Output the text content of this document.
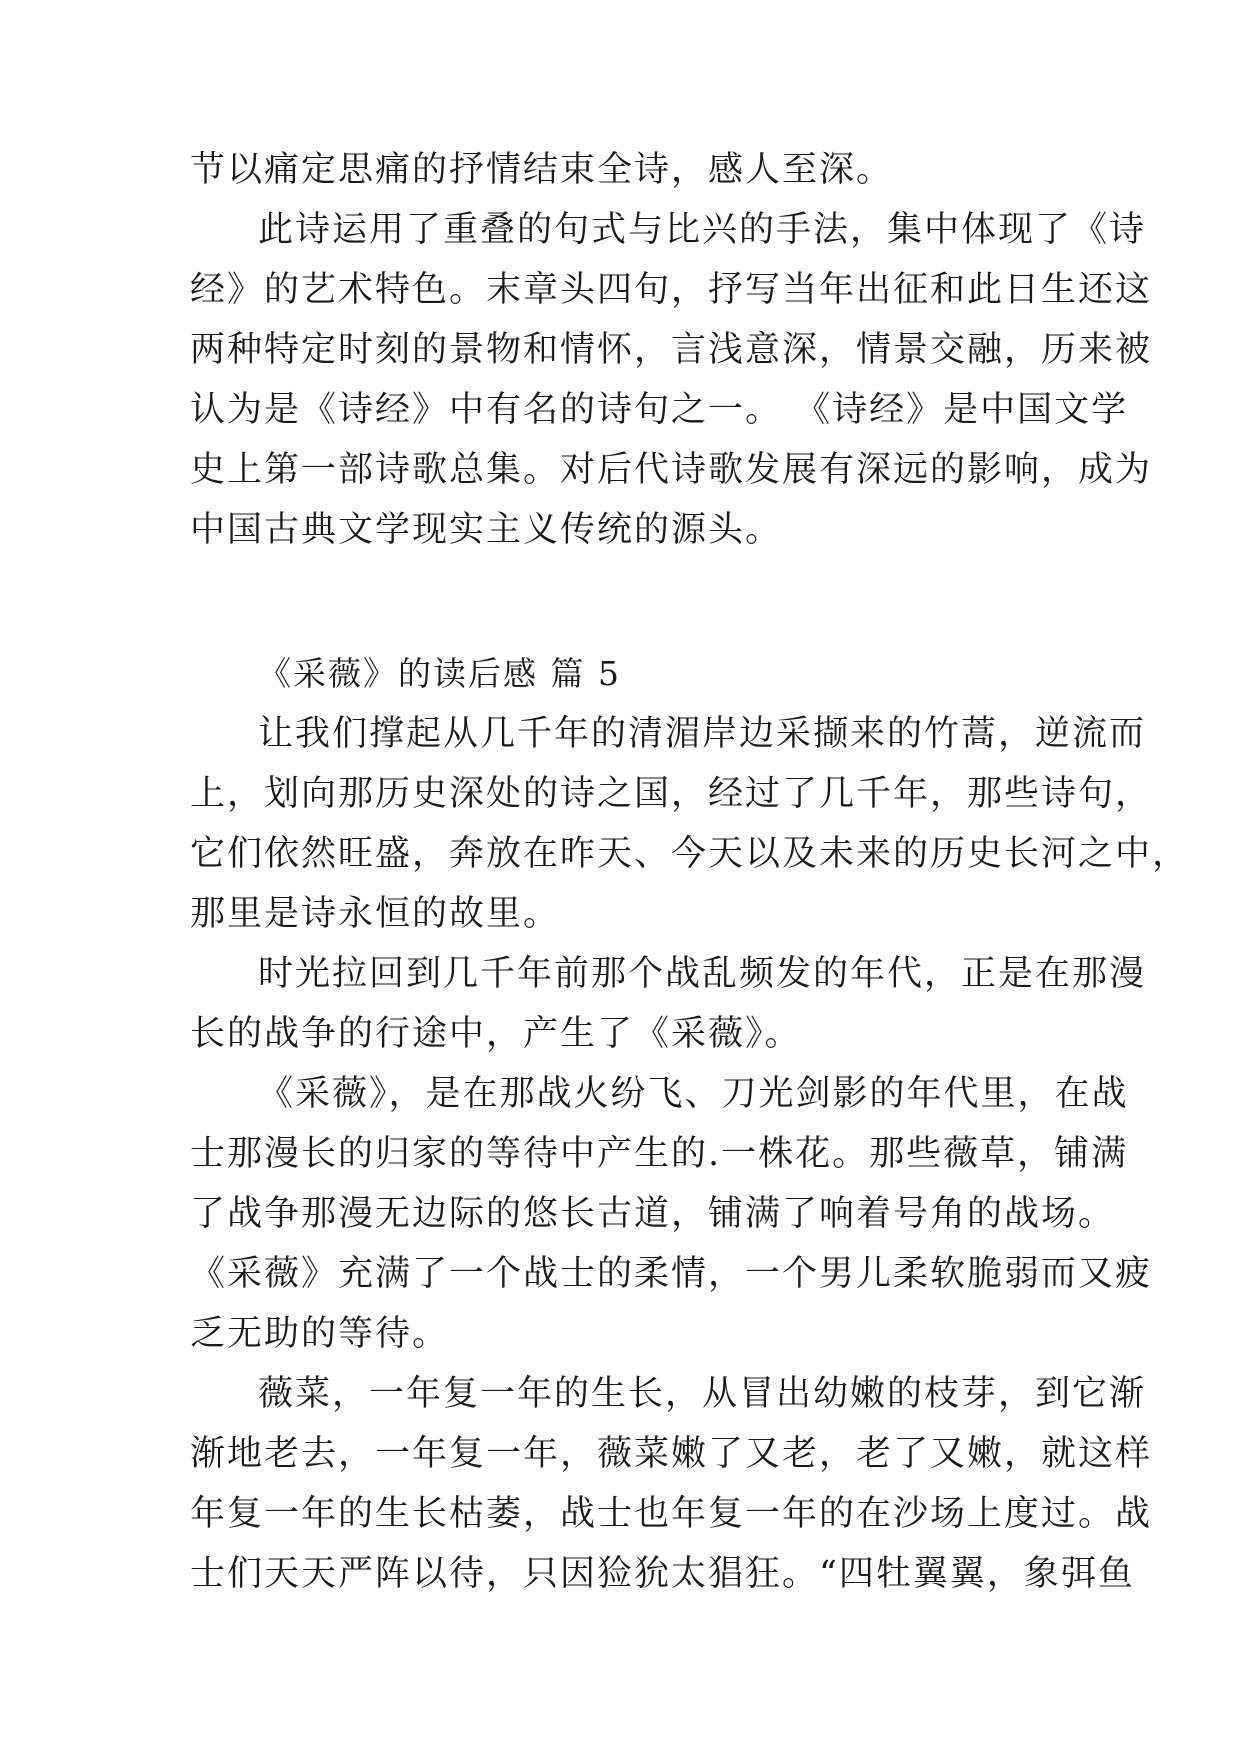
节以痛定思痛的抒情结束全诗，感人至深。
此诗运用了重叠的句式与比兴的手法，集中体现了《诗
经》的艺术特色。末章头四句，抒写当年出征和此日生还这
两种特定时刻的景物和情怀，言浅意深，情景交融，历来被
认为是《诗经》中有名的诗句之一。 《诗经》是中国文学
史上第一部诗歌总集。对后代诗歌发展有深远的影响，成为
中国古典文学现实主义传统的源头。
《采薇》的读后感 篇 5
让我们撑起从几千年的清湄岸边采撷来的竹蒿，逆流而
上，划向那历史深处的诗之国，经过了几千年，那些诗句，
它们依然旺盛，奔放在昨天、今天以及未来的历史长河之中，
那里是诗永恒的故里。
时光拉回到几千年前那个战乱频发的年代，正是在那漫
长的战争的行途中，产生了《采薇》。
《采薇》，是在那战火纷飞、刀光剑影的年代里，在战
士那漫长的归家的等待中产生的.一株花。那些薇草，铺满
了战争那漫无边际的悠长古道，铺满了响着号角的战场。
《采薇》充满了一个战士的柔情，一个男儿柔软脆弱而又疲
乏无助的等待。
薇菜，一年复一年的生长，从冒出幼嫩的枝芽，到它渐
渐地老去，一年复一年，薇菜嫩了又老，老了又嫩，就这样
年复一年的生长枯萎，战士也年复一年的在沙场上度过。战
士们天天严阵以待，只因猃狁太猖狂。“四牡翼翼，象弭鱼
